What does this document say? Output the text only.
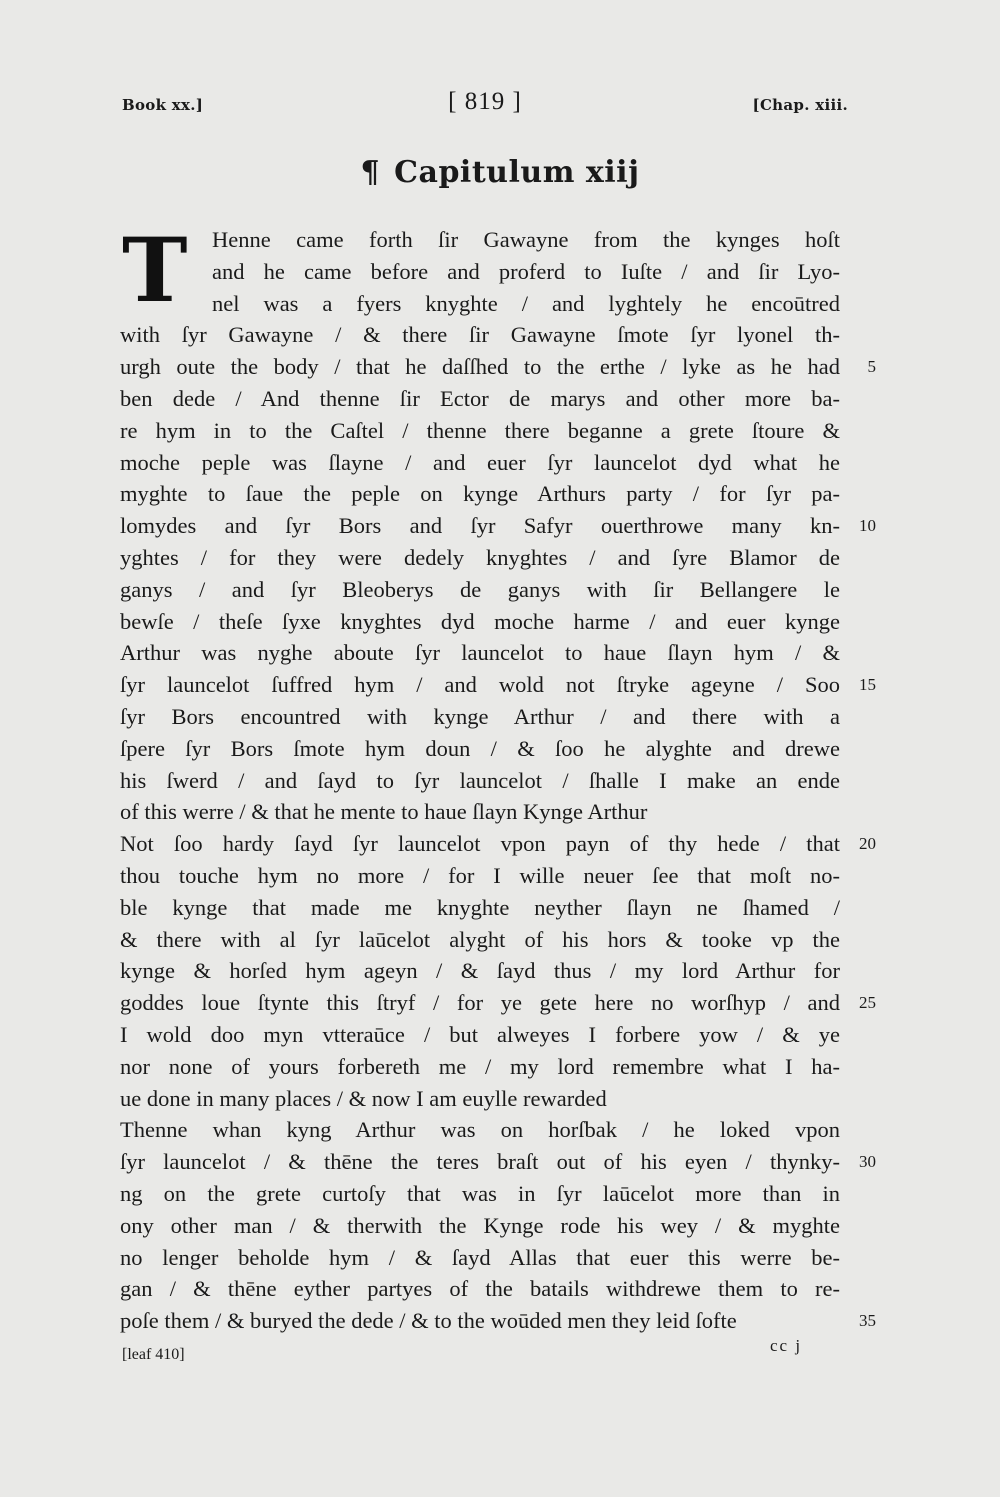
Book xx.]	[ 819 ]	[Chap. xiii.
¶ Capitulum xiij
T Henne came forth ſir Gawayne from the kynges hoſt
and he came before and proferd to Iuſte / and ſir Lyo-
nel was a fyers knyghte / and lyghtely he encoūtred
with ſyr Gawayne / & there ſir Gawayne ſmote ſyr lyonel th-
urgh oute the body / that he daſſhed to the erthe / lyke as he had 5
ben dede / And thenne ſir Ector de marys and other more ba-
re hym in to the Caſtel / thenne there beganne a grete ſtoure &
moche peple was ſlayne / and euer ſyr launcelot dyd what he
myghte to ſaue the peple on kynge Arthurs party / for ſyr pa-
lomydes and ſyr Bors and ſyr Safyr ouerthrowe many kn- 10
yghtes / for they were dedely knyghtes / and ſyre Blamor de
ganys / and ſyr Bleoberys de ganys with ſir Bellangere le
bewſe / theſe ſyxe knyghtes dyd moche harme / and euer kynge
Arthur was nyghe aboute ſyr launcelot to haue ſlayn hym / &
ſyr launcelot ſuffred hym / and wold not ſtryke ageyne / Soo 15
ſyr Bors encountred with kynge Arthur / and there with a
ſpere ſyr Bors ſmote hym doun / & ſoo he alyghte and drewe
his ſwerd / and ſayd to ſyr launcelot / ſhalle I make an ende
of this werre / & that he mente to haue ſlayn Kynge Arthur
Not ſoo hardy ſayd ſyr launcelot vpon payn of thy hede / that 20
thou touche hym no more / for I wille neuer ſee that moſt no-
ble kynge that made me knyghte neyther ſlayn ne ſhamed /
& there with al ſyr laūcelot alyght of his hors & tooke vp the
kynge & horſed hym ageyn / & ſayd thus / my lord Arthur for
goddes loue ſtynte this ſtryf / for ye gete here no worſhyp / and 25
I wold doo myn vtteraūce / but alweyes I forbere yow / & ye
nor none of yours forbereth me / my lord remembre what I ha-
ue done in many places / & now I am euylle rewarded
Thenne whan kyng Arthur was on horſbak / he loked vpon
ſyr launcelot / & thēne the teres braſt out of his eyen / thynky- 30
ng on the grete curtoſy that was in ſyr laūcelot more than in
ony other man / & therwith the Kynge rode his wey / & myghte
no lenger beholde hym / & ſayd Allas that euer this werre be-
gan / & thēne eyther partyes of the batails withdrewe them to re-
poſe them / & buryed the dede / & to the woūded men they leid ſofte	35
[leaf 410]	cc j
